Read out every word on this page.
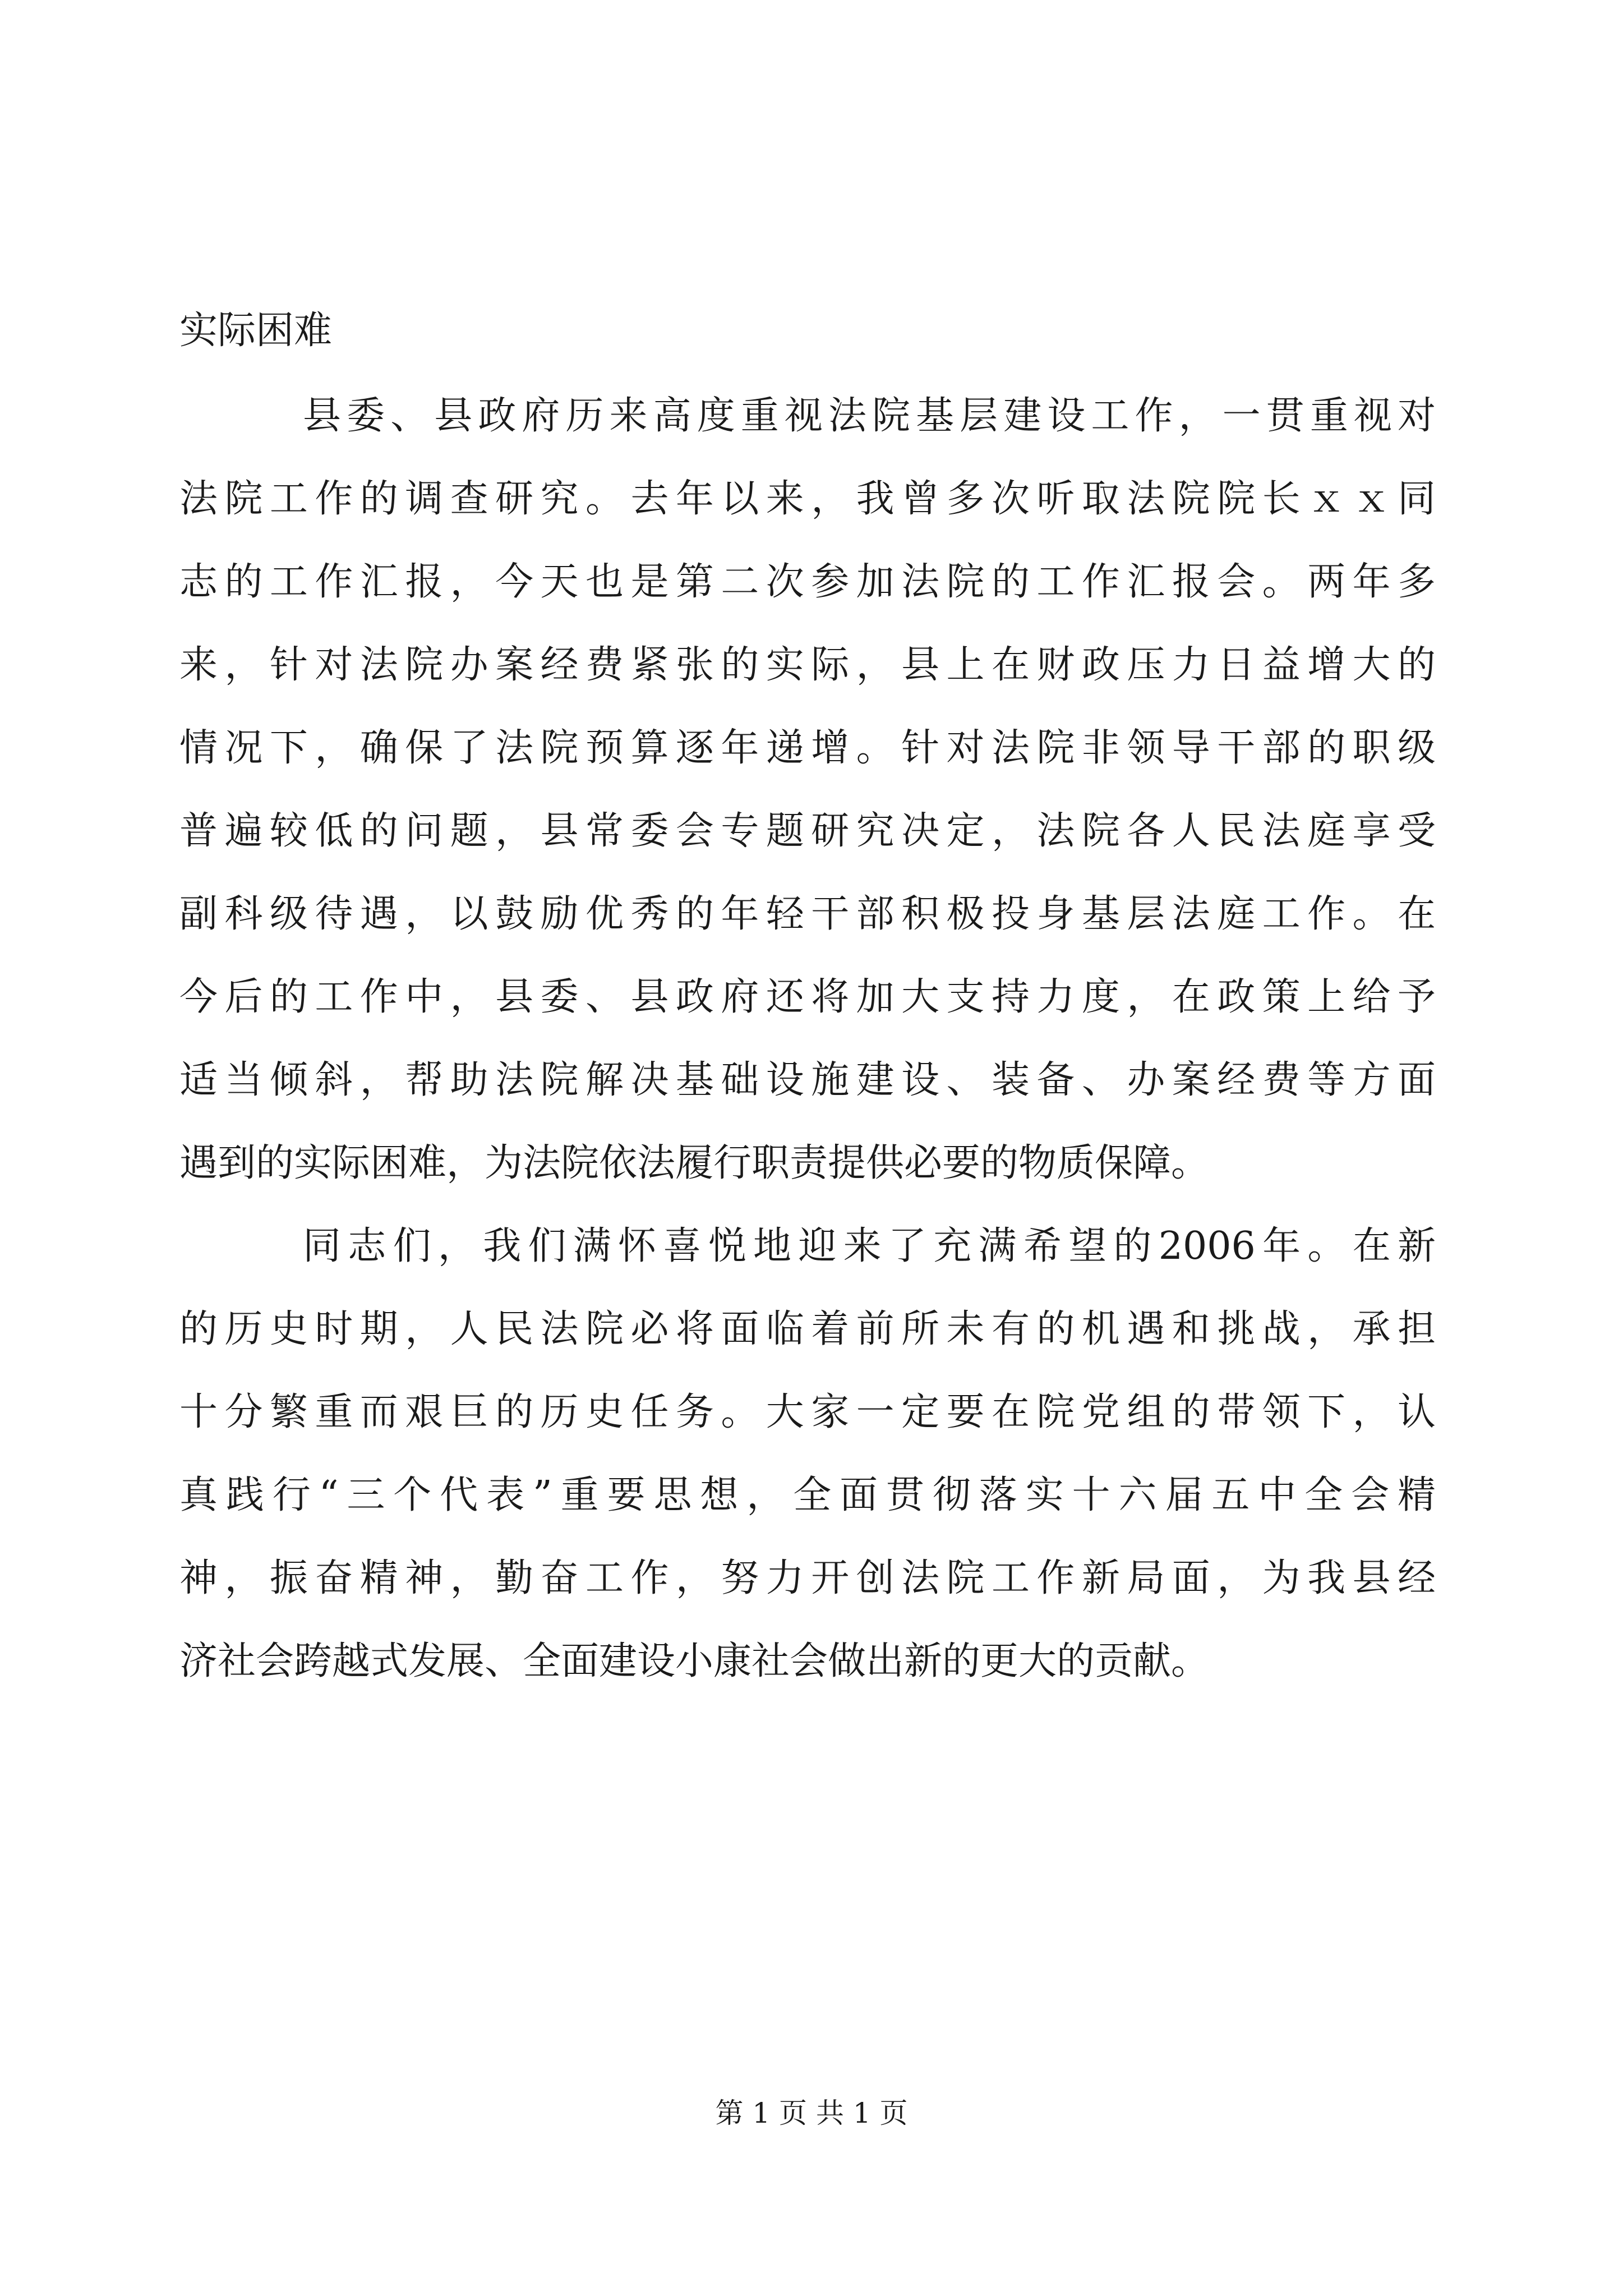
实际困难
县委、县政府历来高度重视法院基层建设工作，一贯重视对
法院工作的调查研究。去年以来，我曾多次听取法院院长ｘｘ同
志的工作汇报，今天也是第二次参加法院的工作汇报会。两年多
来，针对法院办案经费紧张的实际，县上在财政压力日益增大的
情况下，确保了法院预算逐年递增。针对法院非领导干部的职级
普遍较低的问题，县常委会专题研究决定，法院各人民法庭享受
副科级待遇，以鼓励优秀的年轻干部积极投身基层法庭工作。在
今后的工作中，县委、县政府还将加大支持力度，在政策上给予
适当倾斜，帮助法院解决基础设施建设、装备、办案经费等方面
遇到的实际困难，为法院依法履行职责提供必要的物质保障。
同志们，我们满怀喜悦地迎来了充满希望的2006年。在新
的历史时期，人民法院必将面临着前所未有的机遇和挑战，承担
十分繁重而艰巨的历史任务。大家一定要在院党组的带领下，认
真践行“三个代表”重要思想，全面贯彻落实十六届五中全会精
神，振奋精神，勤奋工作，努力开创法院工作新局面，为我县经
济社会跨越式发展、全面建设小康社会做出新的更大的贡献。
第 1 页 共 1 页
